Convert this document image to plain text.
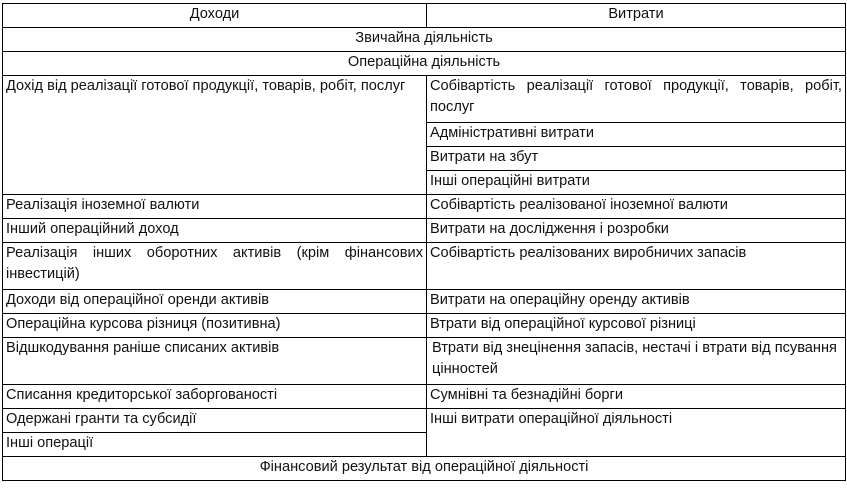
Доходи	Витрати
Звичайна діяльність	
Операційна діяльність	
Дохід від реалізації готової продукції, товарів, робіт, послуг	Собівартість реалізації готової продукції, товарів, робіт, послуг
	Адміністративні витрати
	Витрати на збут
	Інші операційні витрати
Реалізація іноземної валюти	Собівартість реалізованої іноземної валюти
Інший операційний доход	Витрати на дослідження і розробки
Реалізація інших оборотних активів (крім фінансових інвестицій)	Собівартість реалізованих виробничих запасів
Доходи від операційної оренди активів	Витрати на операційну оренду активів
Операційна курсова різниця (позитивна)	Втрати від операційної курсової різниці
Відшкодування раніше списаних активів	Втрати від знецінення запасів, нестачі і втрати від псування цінностей
Списання кредиторської заборгованості	Сумнівні та безнадійні борги
Одержані гранти та субсидії	Інші витрати операційної діяльності
Інші операції	
Фінансовий результат від операційної діяльності	
